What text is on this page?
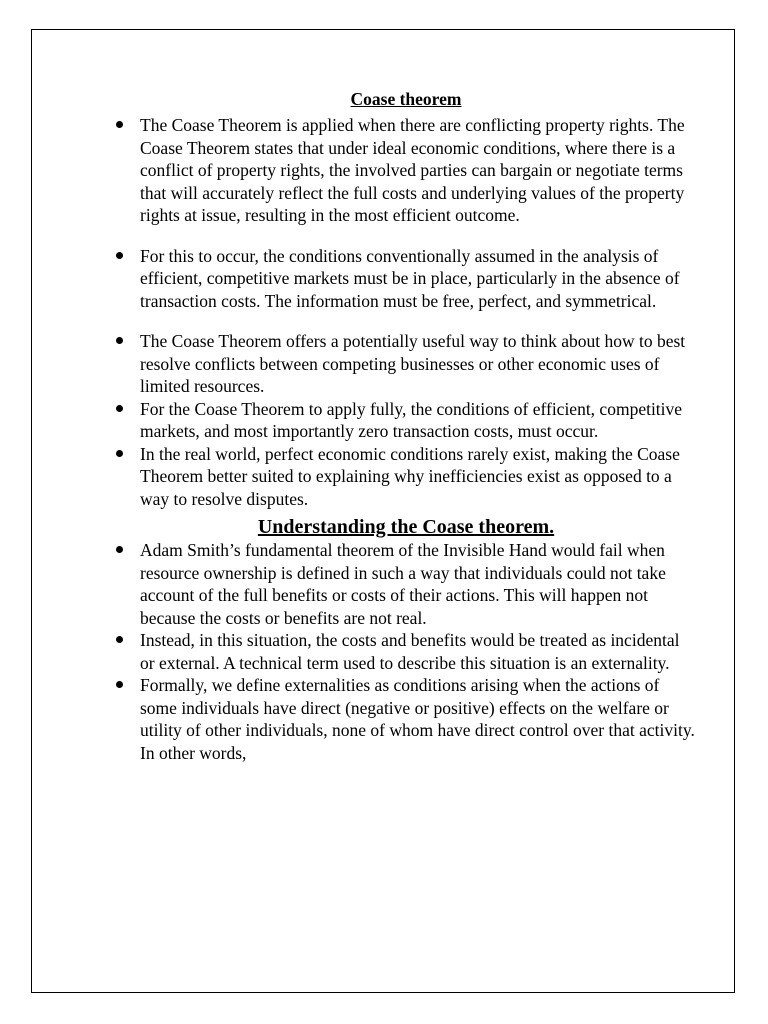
Coase theorem
The Coase Theorem is applied when there are conflicting property rights. The Coase Theorem states that under ideal economic conditions, where there is a conflict of property rights, the involved parties can bargain or negotiate terms that will accurately reflect the full costs and underlying values of the property rights at issue, resulting in the most efficient outcome.
For this to occur, the conditions conventionally assumed in the analysis of efficient, competitive markets must be in place, particularly in the absence of transaction costs. The information must be free, perfect, and symmetrical.
The Coase Theorem offers a potentially useful way to think about how to best resolve conflicts between competing businesses or other economic uses of limited resources.
For the Coase Theorem to apply fully, the conditions of efficient, competitive markets, and most importantly zero transaction costs, must occur.
In the real world, perfect economic conditions rarely exist, making the Coase Theorem better suited to explaining why inefficiencies exist as opposed to a way to resolve disputes.
Understanding the Coase theorem.
Adam Smith’s fundamental theorem of the Invisible Hand would fail when resource ownership is defined in such a way that individuals could not take account of the full benefits or costs of their actions. This will happen not because the costs or benefits are not real.
Instead, in this situation, the costs and benefits would be treated as incidental or external. A technical term used to describe this situation is an externality.
Formally, we define externalities as conditions arising when the actions of some individuals have direct (negative or positive) effects on the welfare or utility of other individuals, none of whom have direct control over that activity. In other words,
